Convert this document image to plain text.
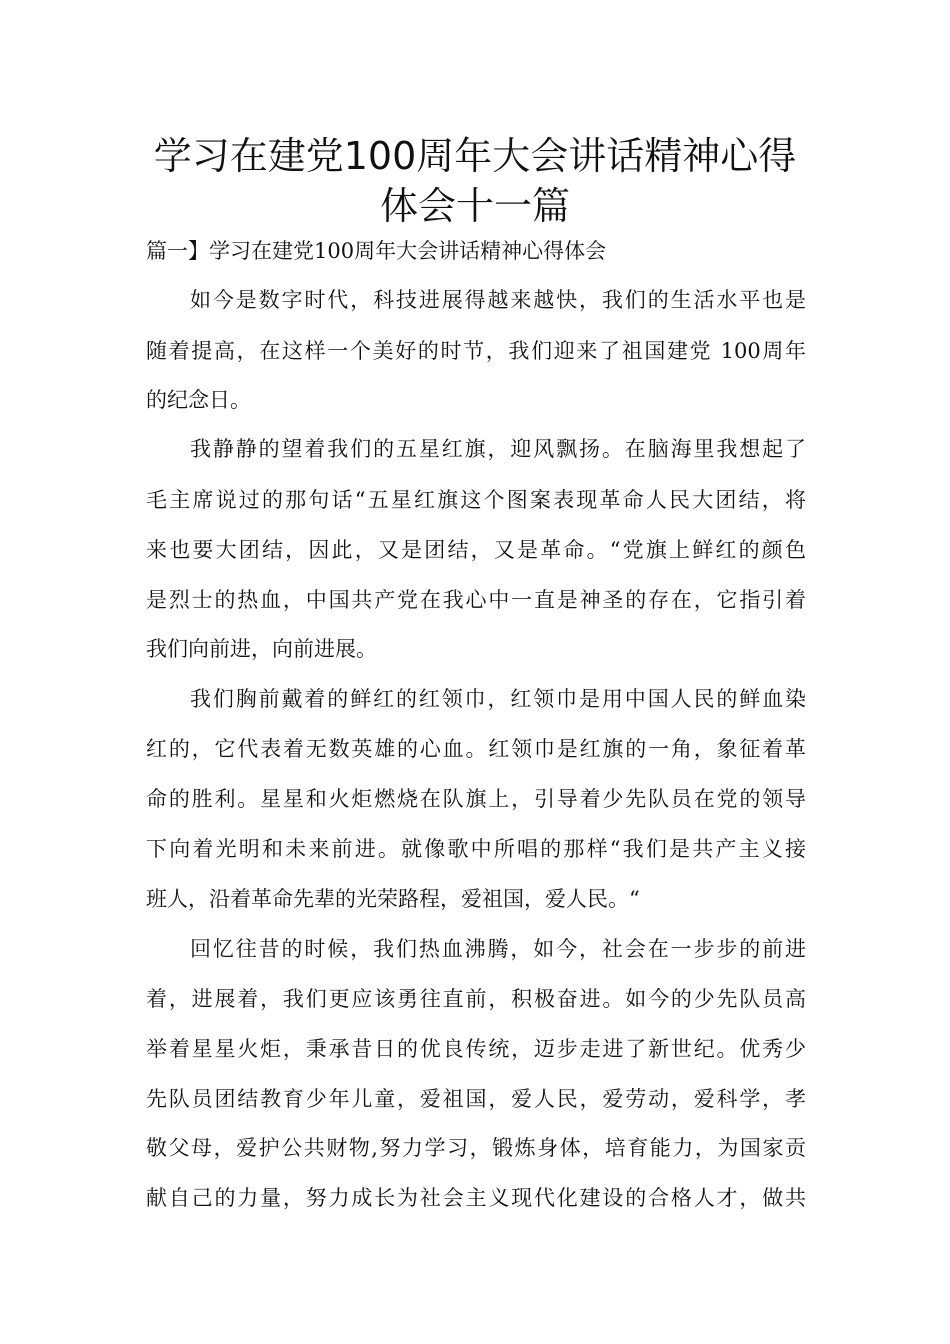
学习在建党100周年大会讲话精神心得
体会十一篇
篇一】学习在建党100周年大会讲话精神心得体会
如今是数字时代，科技进展得越来越快，我们的生活水平也是
随着提高，在这样一个美好的时节，我们迎来了祖国建党 100周年
的纪念日。
我静静的望着我们的五星红旗，迎风飘扬。在脑海里我想起了
毛主席说过的那句话“五星红旗这个图案表现革命人民大团结，将
来也要大团结，因此，又是团结，又是革命。“党旗上鲜红的颜色
是烈士的热血，中国共产党在我心中一直是神圣的存在，它指引着
我们向前进，向前进展。
我们胸前戴着的鲜红的红领巾，红领巾是用中国人民的鲜血染
红的，它代表着无数英雄的心血。红领巾是红旗的一角，象征着革
命的胜利。星星和火炬燃烧在队旗上，引导着少先队员在党的领导
下向着光明和未来前进。就像歌中所唱的那样“我们是共产主义接
班人，沿着革命先辈的光荣路程，爱祖国，爱人民。“
回忆往昔的时候，我们热血沸腾，如今，社会在一步步的前进
着，进展着，我们更应该勇往直前，积极奋进。如今的少先队员高
举着星星火炬，秉承昔日的优良传统，迈步走进了新世纪。优秀少
先队员团结教育少年儿童，爱祖国，爱人民，爱劳动，爱科学，孝
敬父母，爱护公共财物,努力学习，锻炼身体，培育能力，为国家贡
献自己的力量，努力成长为社会主义现代化建设的合格人才，做共
